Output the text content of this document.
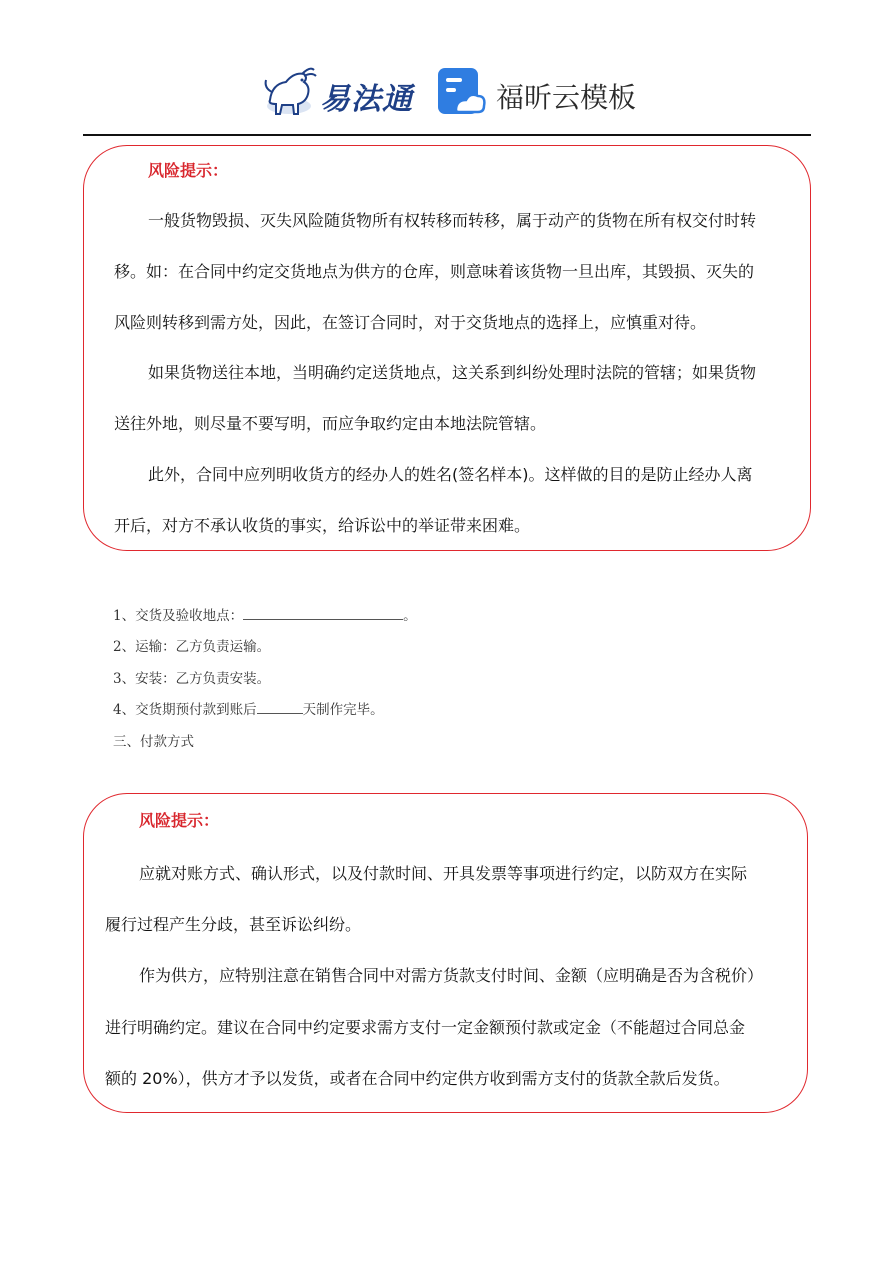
易法通	福昕云模板
风险提示：

一般货物毁损、灭失风险随货物所有权转移而转移，属于动产的货物在所有权交付时转

移。如：在合同中约定交货地点为供方的仓库，则意味着该货物一旦出库，其毁损、灭失的

风险则转移到需方处，因此，在签订合同时，对于交货地点的选择上，应慎重对待。

如果货物送往本地，当明确约定送货地点，这关系到纠纷处理时法院的管辖；如果货物

送往外地，则尽量不要写明，而应争取约定由本地法院管辖。

此外，合同中应列明收货方的经办人的姓名(签名样本)。这样做的目的是防止经办人离

开后，对方不承认收货的事实，给诉讼中的举证带来困难。

1、交货及验收地点：	。
2、运输：乙方负责运输。
3、安装：乙方负责安装。
4、交货期预付款到账后	天制作完毕。
三、付款方式
风险提示：

应就对账方式、确认形式，以及付款时间、开具发票等事项进行约定，以防双方在实际

履行过程产生分歧，甚至诉讼纠纷。

作为供方，应特别注意在销售合同中对需方货款支付时间、金额（应明确是否为含税价）

进行明确约定。建议在合同中约定要求需方支付一定金额预付款或定金（不能超过合同总金

额的 20%），供方才予以发货，或者在合同中约定供方收到需方支付的货款全款后发货。
